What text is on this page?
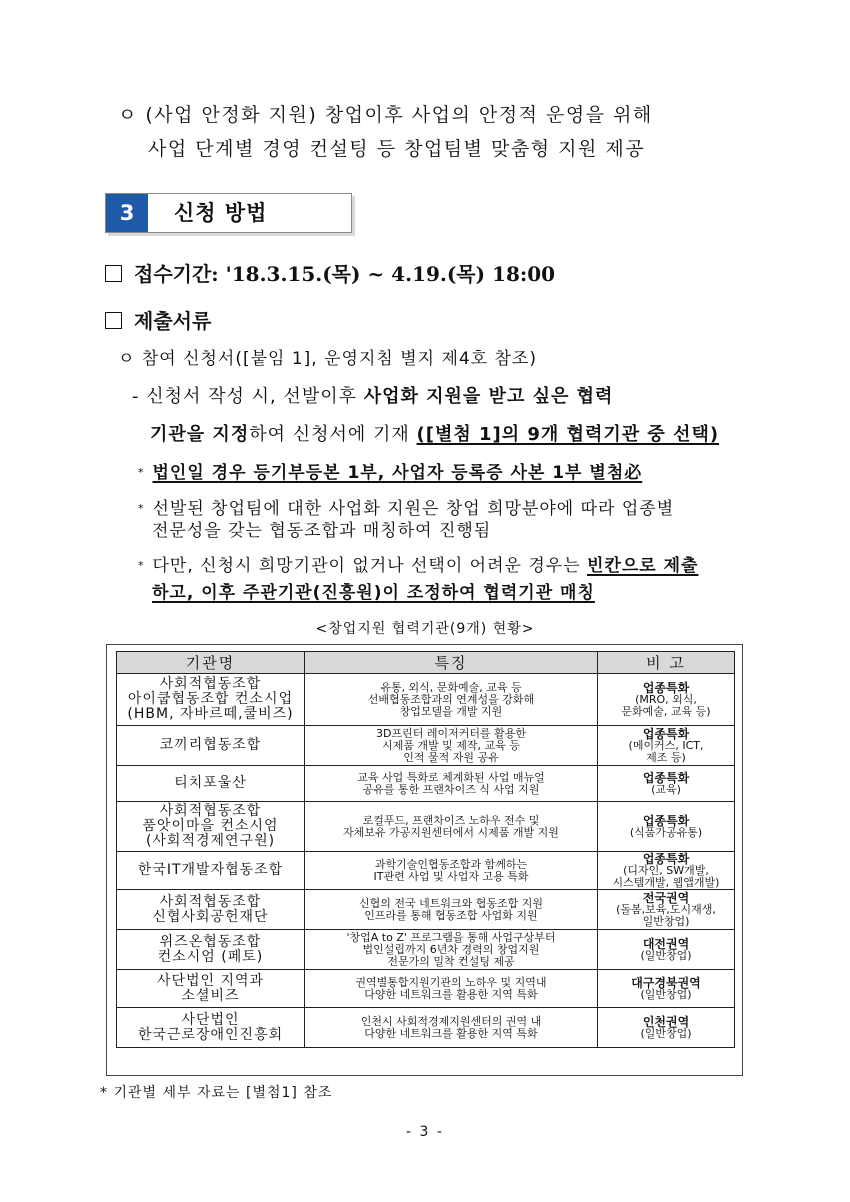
ㅇ (사업 안정화 지원) 창업이후 사업의 안정적 운영을 위해
사업 단계별 경영 컨설팅 등 창업팀별 맞춤형 지원 제공
3	신청 방법
접수기간: '18.3.15.(목) ~ 4.19.(목) 18:00
제출서류
ㅇ 참여 신청서([붙임 1], 운영지침 별지 제4호 참조)
- 신청서 작성 시, 선발이후 사업화 지원을 받고 싶은 협력
기관을 지정하여 신청서에 기재 ([별첨 1]의 9개 협력기관 중 선택)
* 법인일 경우 등기부등본 1부, 사업자 등록증 사본 1부 별첨必
* 선발된 창업팀에 대한 사업화 지원은 창업 희망분야에 따라 업종별
전문성을 갖는 협동조합과 매칭하여 진행됨
* 다만, 신청시 희망기관이 없거나 선택이 어려운 경우는 빈칸으로 제출
하고, 이후 주관기관(진흥원)이 조정하여 협력기관 매칭
<창업지원 협력기관(9개) 현황>
기관명	특징	비 고

사회적협동조합
아이쿱협동조합 컨소시업
(HBM, 자바르떼,쿨비즈)	유통, 외식, 문화예술, 교육 등
선배협동조합과의 연계성을 강화해
창업모델을 개발 지원	업종특화
(MRO, 외식,
문화예술, 교육 등)

코끼리협동조합	3D프린터 레이저커터를 활용한
시제품 개발 및 제작, 교육 등
인적 물적 자원 공유	업종특화
(메이커스, ICT,
제조 등)

티치포울산	교육 사업 특화로 체계화된 사업 매뉴얼
공유를 통한 프랜차이즈 식 사업 지원	업종특화
(교육)

사회적협동조합
품앗이마을 컨소시엄
(사회적경제연구원)	로컬푸드, 프랜차이즈 노하우 전수 및
자체보유 가공지원센터에서 시제품 개발 지원	업종특화
(식품가공유통)

한국IT개발자협동조합	과학기술인협동조합과 함께하는
IT관련 사업 및 사업자 고용 특화	업종특화
(디자인, SW개발,
시스템개발, 웹앱개발)

사회적협동조합
신협사회공헌재단	신협의 전국 네트워크와 협동조합 지원
인프라를 통해 협동조합 사업화 지원	전국권역
(돌봄,보육,도시재생,
일반창업)

위즈온협동조합
컨소시엄 (페토)	'창업A to Z' 프로그램을 통해 사업구상부터
법인설립까지 6년차 경력의 창업지원
전문가의 밀착 컨설팅 제공	대전권역
(일반창업)

사단법인 지역과
소셜비즈	권역별통합지원기관의 노하우 및 지역내
다양한 네트워크를 활용한 지역 특화	대구경북권역
(일반창업)

사단법인
한국근로장애인진흥회	인천시 사회적경제지원센터의 권역 내
다양한 네트워크를 활용한 지역 특화	인천권역
(일반창업)
* 기관별 세부 자료는 [별첨1] 참조
- 3 -
